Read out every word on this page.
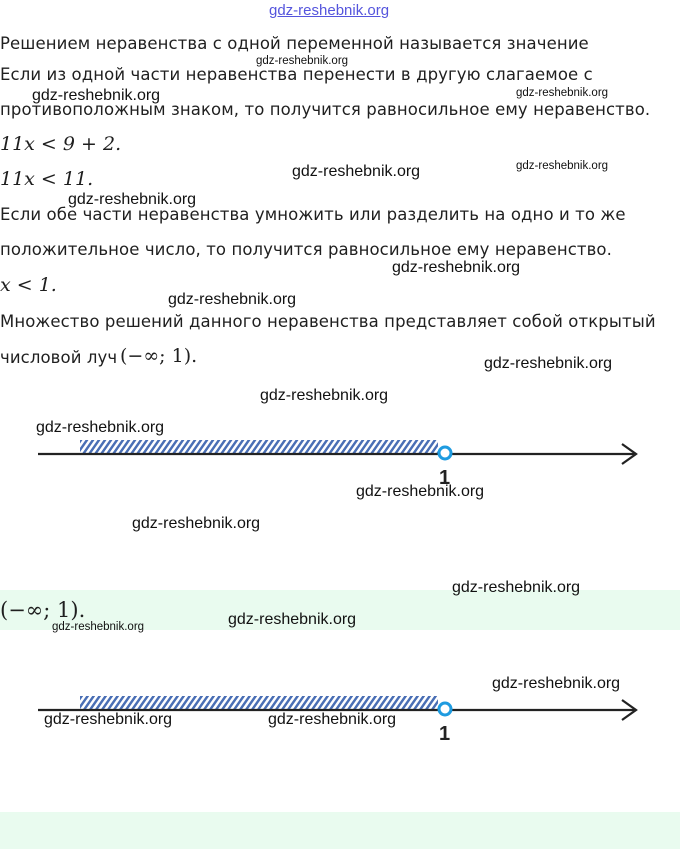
gdz-reshebnik.org
Решением неравенства с одной переменной называется значение
Если из одной части неравенства перенести в другую слагаемое с
противоположным знаком, то получится равносильное ему неравенство.
11x < 9 + 2.
11x < 11.
Если обе части неравенства умножить или разделить на одно и то же
положительное число, то получится равносильное ему неравенство.
x < 1.
Множество решений данного неравенства представляет собой открытый
числовой луч (−∞; 1).
(−∞; 1).
1
1
gdz-reshebnik.org
gdz-reshebnik.org	gdz-reshebnik.org
gdz-reshebnik.org	gdz-reshebnik.org
gdz-reshebnik.org
gdz-reshebnik.org
gdz-reshebnik.org
gdz-reshebnik.org
gdz-reshebnik.org
gdz-reshebnik.org
gdz-reshebnik.org
gdz-reshebnik.org
gdz-reshebnik.org
gdz-reshebnik.org	gdz-reshebnik.org
gdz-reshebnik.org
gdz-reshebnik.org	gdz-reshebnik.org
